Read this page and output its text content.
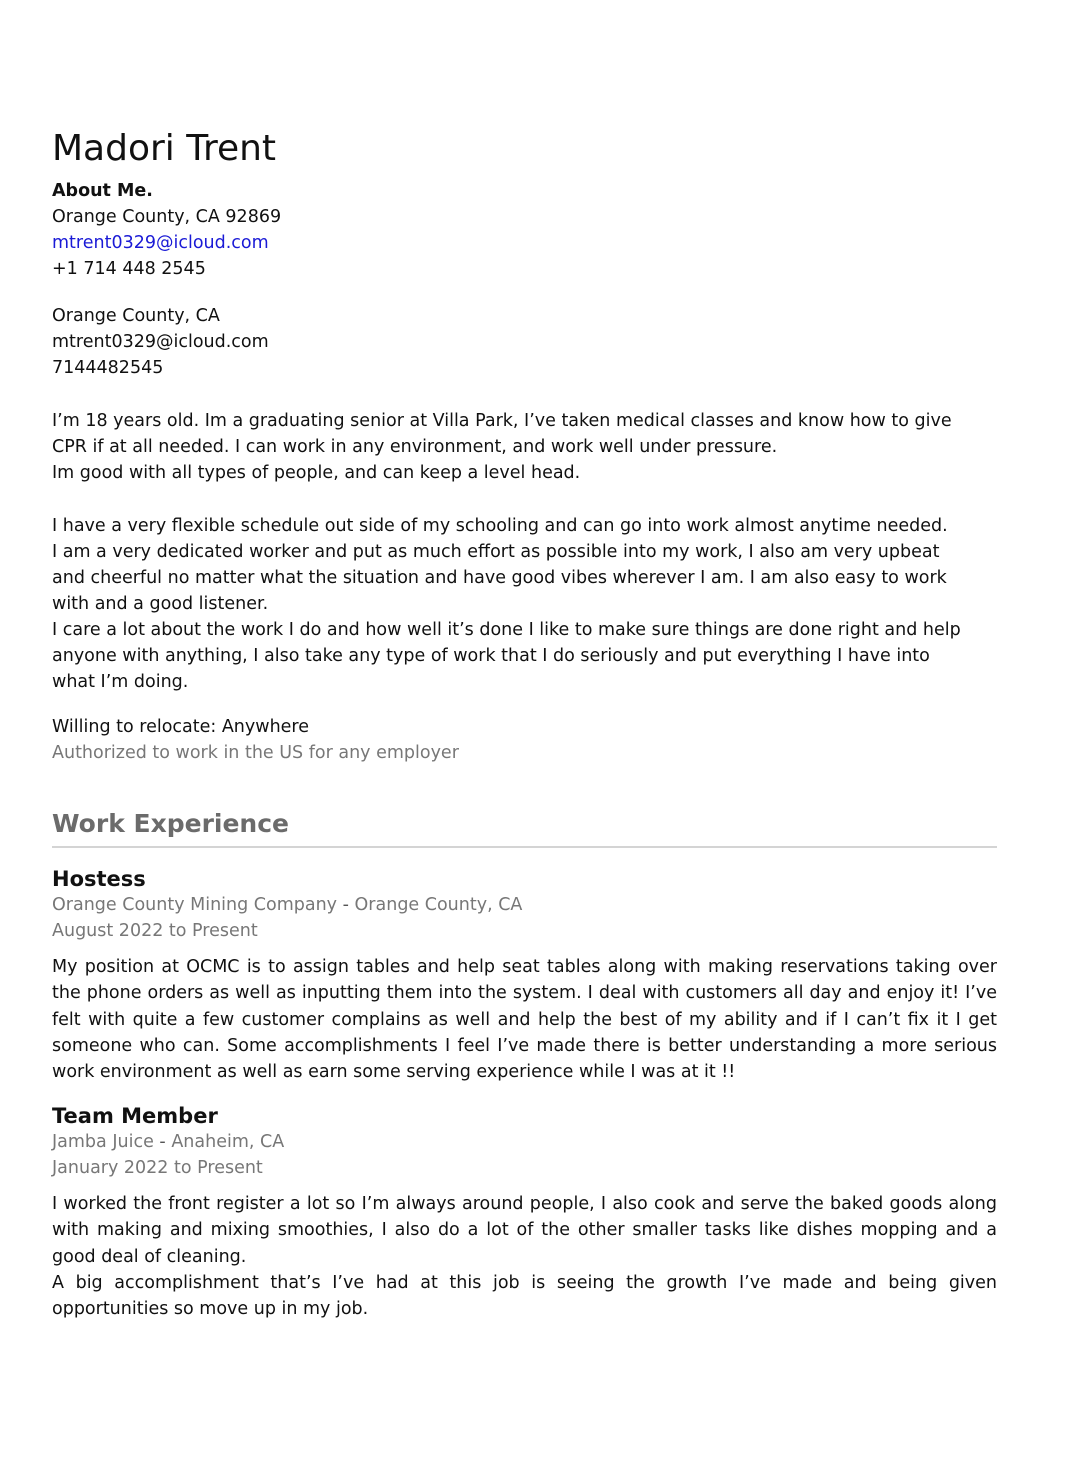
Madori Trent
About Me.
Orange County, CA 92869
mtrent0329@icloud.com
+1 714 448 2545
Orange County, CA
mtrent0329@icloud.com
7144482545
I’m 18 years old. Im a graduating senior at Villa Park, I’ve taken medical classes and know how to give
CPR if at all needed. I can work in any environment, and work well under pressure.
Im good with all types of people, and can keep a level head.
I have a very flexible schedule out side of my schooling and can go into work almost anytime needed.
I am a very dedicated worker and put as much effort as possible into my work, I also am very upbeat
and cheerful no matter what the situation and have good vibes wherever I am. I am also easy to work
with and a good listener.
I care a lot about the work I do and how well it’s done I like to make sure things are done right and help
anyone with anything, I also take any type of work that I do seriously and put everything I have into
what I’m doing.
Willing to relocate: Anywhere
Authorized to work in the US for any employer
Work Experience
Hostess
Orange County Mining Company - Orange County, CA
August 2022 to Present

My position at OCMC is to assign tables and help seat tables along with making reservations taking over the phone orders as well as inputting them into the system. I deal with customers all day and enjoy it! I’ve felt with quite a few customer complains as well and help the best of my ability and if I can’t fix it I get someone who can. Some accomplishments I feel I’ve made there is better understanding a more serious work environment as well as earn some serving experience while I was at it !!

Team Member
Jamba Juice - Anaheim, CA
January 2022 to Present

I worked the front register a lot so I’m always around people, I also cook and serve the baked goods along with making and mixing smoothies, I also do a lot of the other smaller tasks like dishes mopping and a good deal of cleaning.

A big accomplishment that’s I’ve had at this job is seeing the growth I’ve made and being given opportunities so move up in my job.
